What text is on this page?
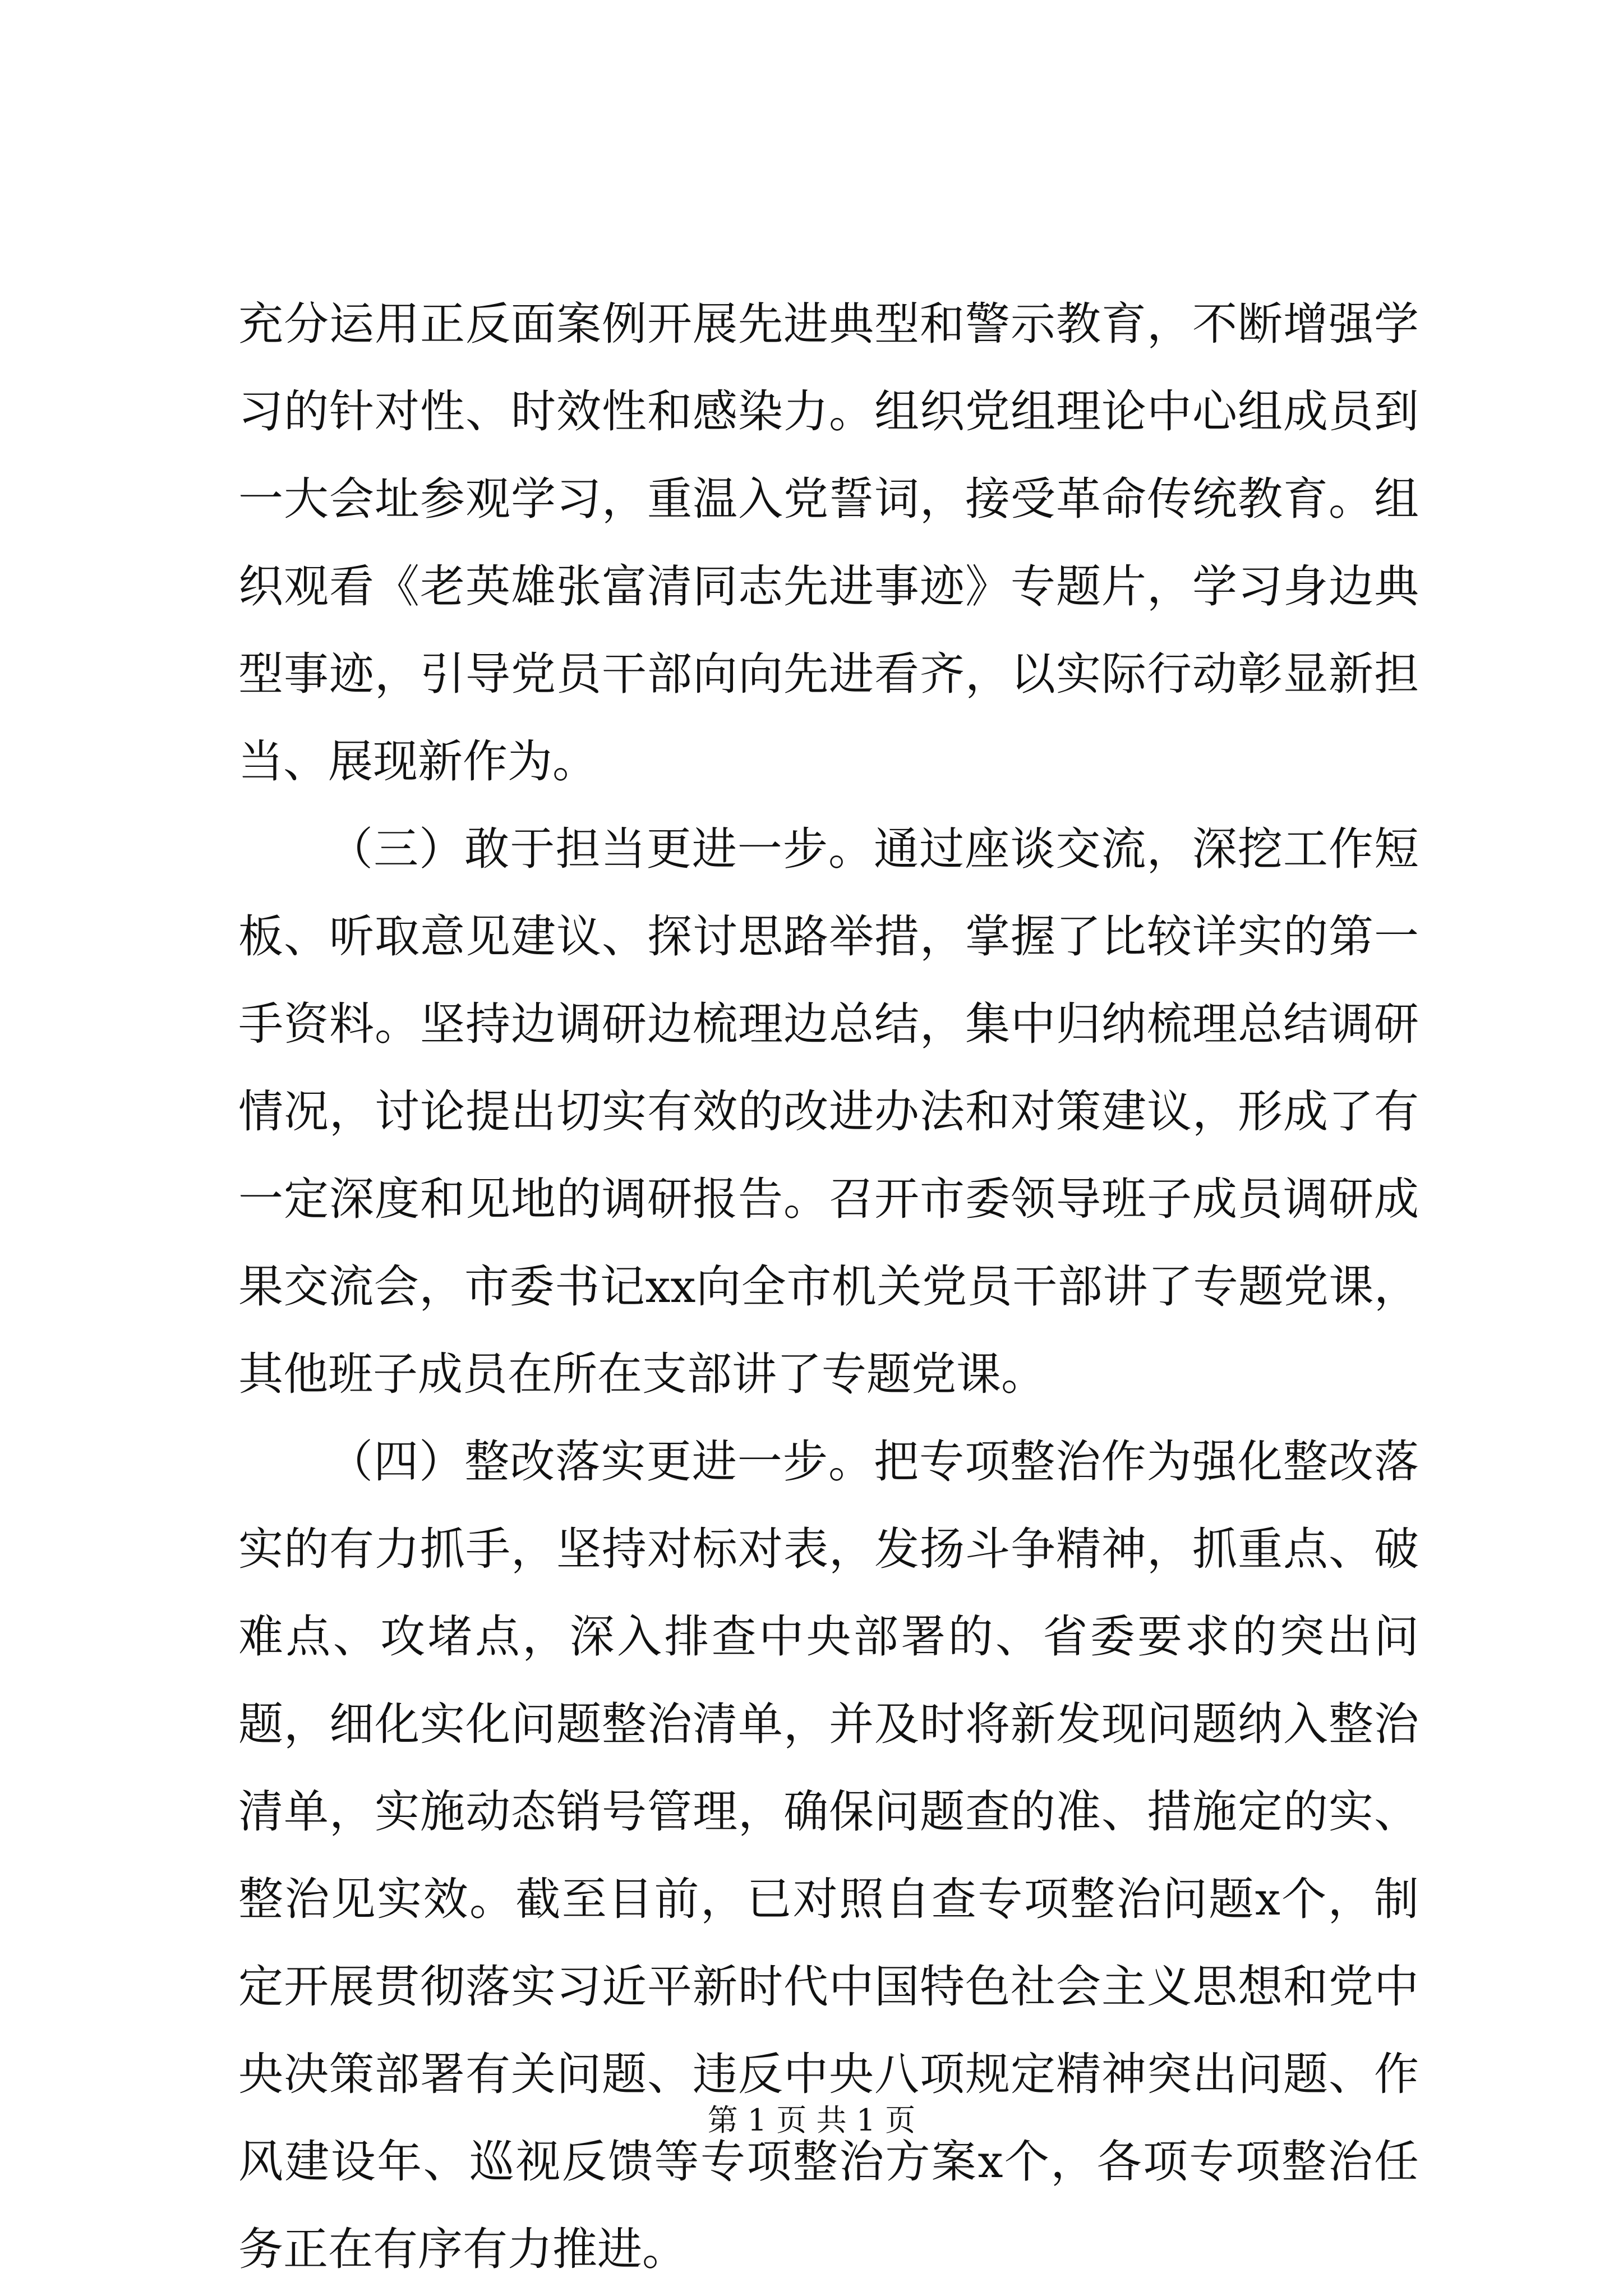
充分运用正反面案例开展先进典型和警示教育，不断增强学习的针对性、时效性和感染力。组织党组理论中心组成员到一大会址参观学习，重温入党誓词，接受革命传统教育。组织观看《老英雄张富清同志先进事迹》专题片，学习身边典型事迹，引导党员干部向向先进看齐，以实际行动彰显新担当、展现新作为。

（三）敢于担当更进一步。通过座谈交流，深挖工作短板、听取意见建议、探讨思路举措，掌握了比较详实的第一手资料。坚持边调研边梳理边总结，集中归纳梳理总结调研情况，讨论提出切实有效的改进办法和对策建议，形成了有一定深度和见地的调研报告。召开市委领导班子成员调研成果交流会，市委书记xx向全市机关党员干部讲了专题党课，其他班子成员在所在支部讲了专题党课。

（四）整改落实更进一步。把专项整治作为强化整改落实的有力抓手，坚持对标对表，发扬斗争精神，抓重点、破难点、攻堵点，深入排查中央部署的、省委要求的突出问题，细化实化问题整治清单，并及时将新发现问题纳入整治清单，实施动态销号管理，确保问题查的准、措施定的实、整治见实效。截至目前，已对照自查专项整治问题x个，制定开展贯彻落实习近平新时代中国特色社会主义思想和党中央决策部署有关问题、违反中央八项规定精神突出问题、作风建设年、巡视反馈等专项整治方案x个，各项专项整治任务正在有序有力推进。

第 1 页 共 1 页
